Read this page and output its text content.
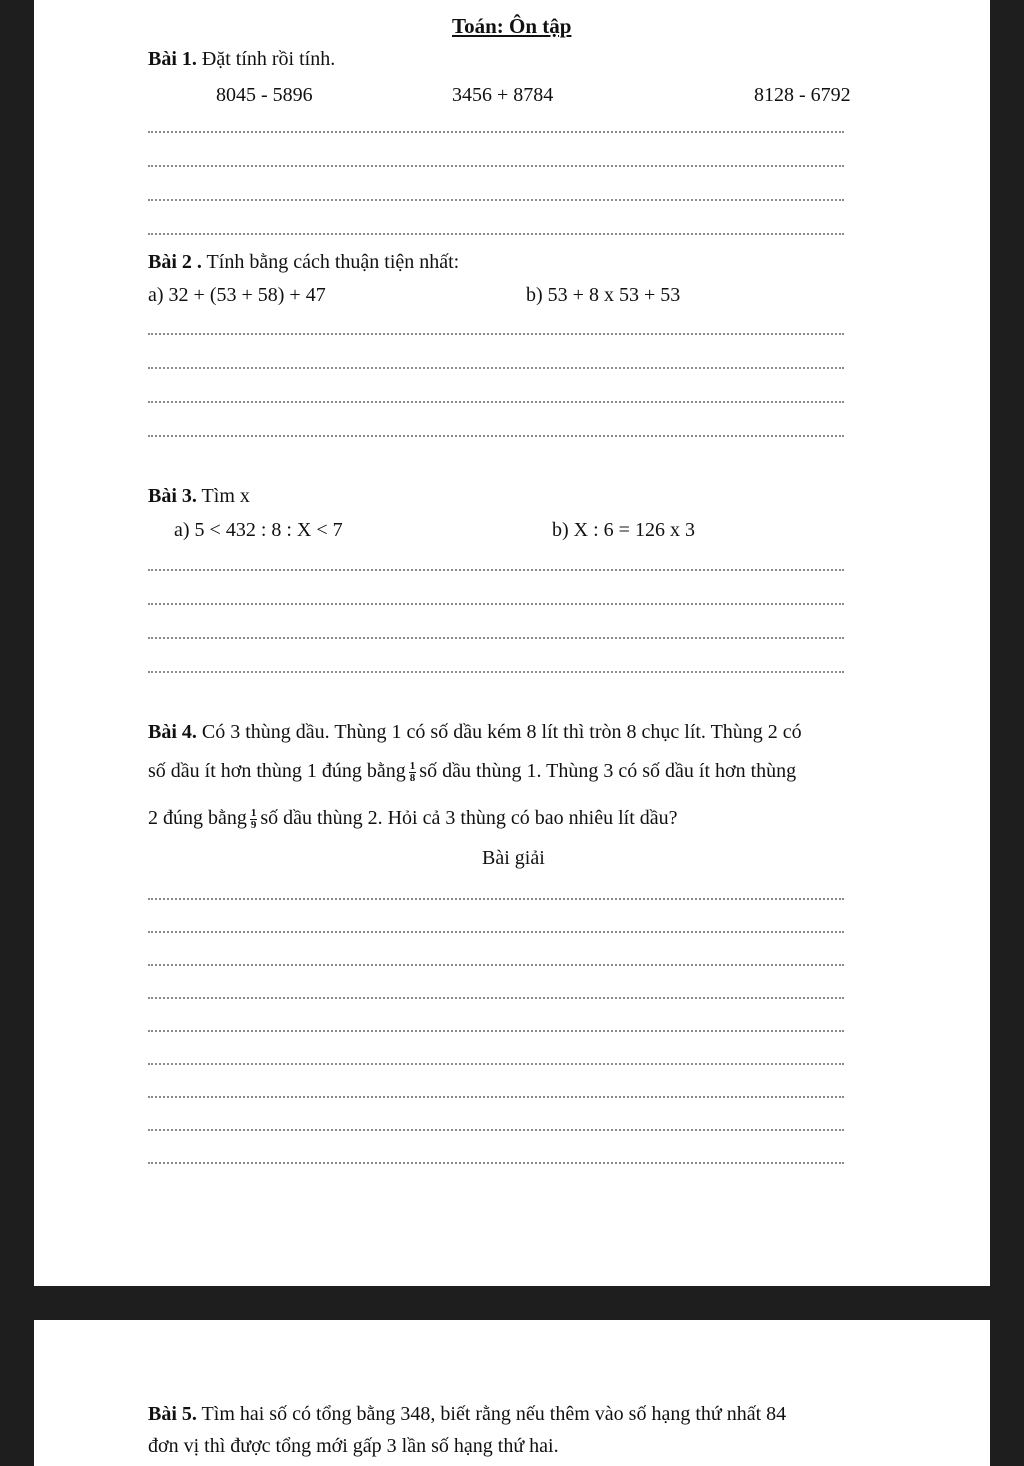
Toán: Ôn tập
Bài 1. Đặt tính rồi tính.
8045 - 5896	3456 + 8784	8128 - 6792
Bài 2 . Tính bằng cách thuận tiện nhất:
a) 32 + (53 + 58) + 47	b) 53 + 8 x 53 + 53
Bài 3. Tìm x
a) 5 < 432 : 8 : X < 7	b) X : 6 = 126 x 3
Bài 4. Có 3 thùng dầu. Thùng 1 có số dầu kém 8 lít thì tròn 8 chục lít. Thùng 2 có
số dầu ít hơn thùng 1 đúng bằng $\frac{1}{8}$ số dầu thùng 1. Thùng 3 có số dầu ít hơn thùng
2 đúng bằng $\frac{1}{9}$ số dầu thùng 2. Hỏi cả 3 thùng có bao nhiêu lít dầu?
Bài giải
Bài 5. Tìm hai số có tổng bằng 348, biết rằng nếu thêm vào số hạng thứ nhất 84
đơn vị thì được tổng mới gấp 3 lần số hạng thứ hai.
